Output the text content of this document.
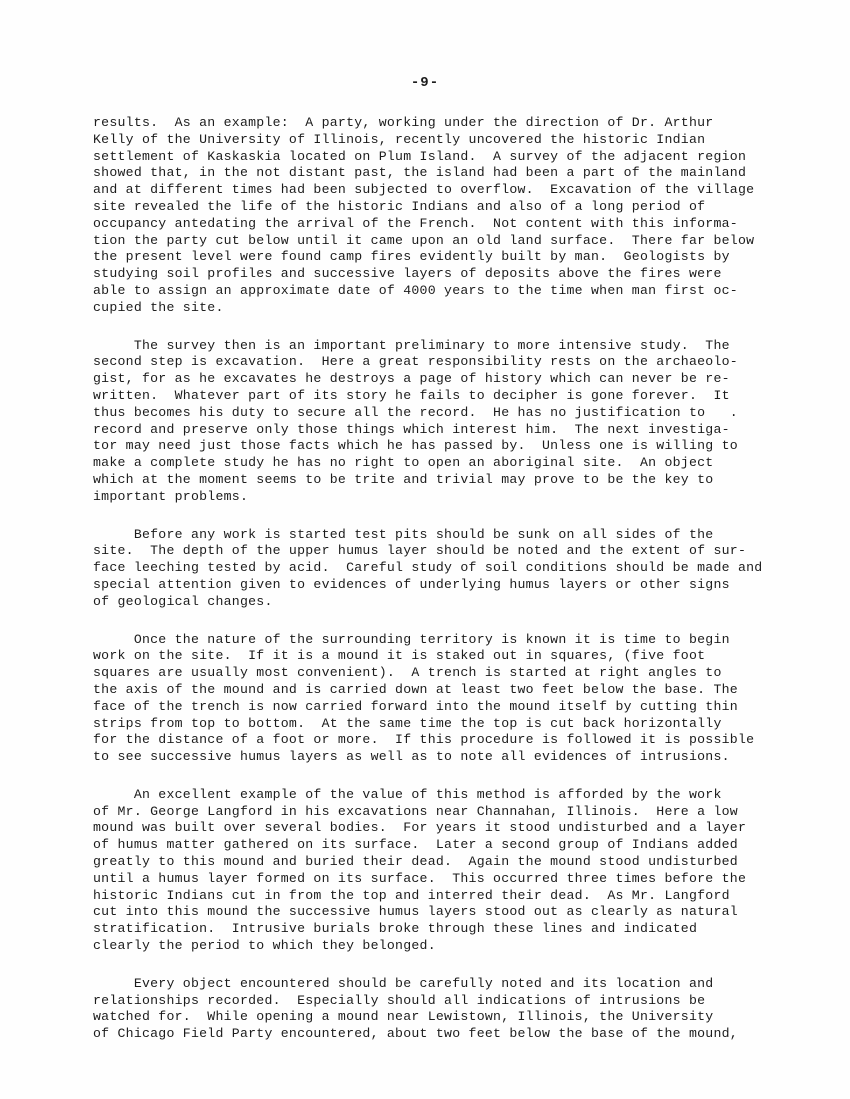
-9-
results.  As an example:  A party, working under the direction of Dr. Arthur
Kelly of the University of Illinois, recently uncovered the historic Indian
settlement of Kaskaskia located on Plum Island.  A survey of the adjacent region
showed that, in the not distant past, the island had been a part of the mainland
and at different times had been subjected to overflow.  Excavation of the village
site revealed the life of the historic Indians and also of a long period of
occupancy antedating the arrival of the French.  Not content with this informa-
tion the party cut below until it came upon an old land surface.  There far below
the present level were found camp fires evidently built by man.  Geologists by
studying soil profiles and successive layers of deposits above the fires were
able to assign an approximate date of 4000 years to the time when man first oc-
cupied the site.
The survey then is an important preliminary to more intensive study.  The
second step is excavation.  Here a great responsibility rests on the archaeolo-
gist, for as he excavates he destroys a page of history which can never be re-
written.  Whatever part of its story he fails to decipher is gone forever.  It
thus becomes his duty to secure all the record.  He has no justification to   .
record and preserve only those things which interest him.  The next investiga-
tor may need just those facts which he has passed by.  Unless one is willing to
make a complete study he has no right to open an aboriginal site.  An object
which at the moment seems to be trite and trivial may prove to be the key to
important problems.
Before any work is started test pits should be sunk on all sides of the
site.  The depth of the upper humus layer should be noted and the extent of sur-
face leeching tested by acid.  Careful study of soil conditions should be made and
special attention given to evidences of underlying humus layers or other signs
of geological changes.
Once the nature of the surrounding territory is known it is time to begin
work on the site.  If it is a mound it is staked out in squares, (five foot
squares are usually most convenient).  A trench is started at right angles to
the axis of the mound and is carried down at least two feet below the base. The
face of the trench is now carried forward into the mound itself by cutting thin
strips from top to bottom.  At the same time the top is cut back horizontally
for the distance of a foot or more.  If this procedure is followed it is possible
to see successive humus layers as well as to note all evidences of intrusions.
An excellent example of the value of this method is afforded by the work
of Mr. George Langford in his excavations near Channahan, Illinois.  Here a low
mound was built over several bodies.  For years it stood undisturbed and a layer
of humus matter gathered on its surface.  Later a second group of Indians added
greatly to this mound and buried their dead.  Again the mound stood undisturbed
until a humus layer formed on its surface.  This occurred three times before the
historic Indians cut in from the top and interred their dead.  As Mr. Langford
cut into this mound the successive humus layers stood out as clearly as natural
stratification.  Intrusive burials broke through these lines and indicated
clearly the period to which they belonged.
Every object encountered should be carefully noted and its location and
relationships recorded.  Especially should all indications of intrusions be
watched for.  While opening a mound near Lewistown, Illinois, the University
of Chicago Field Party encountered, about two feet below the base of the mound,
